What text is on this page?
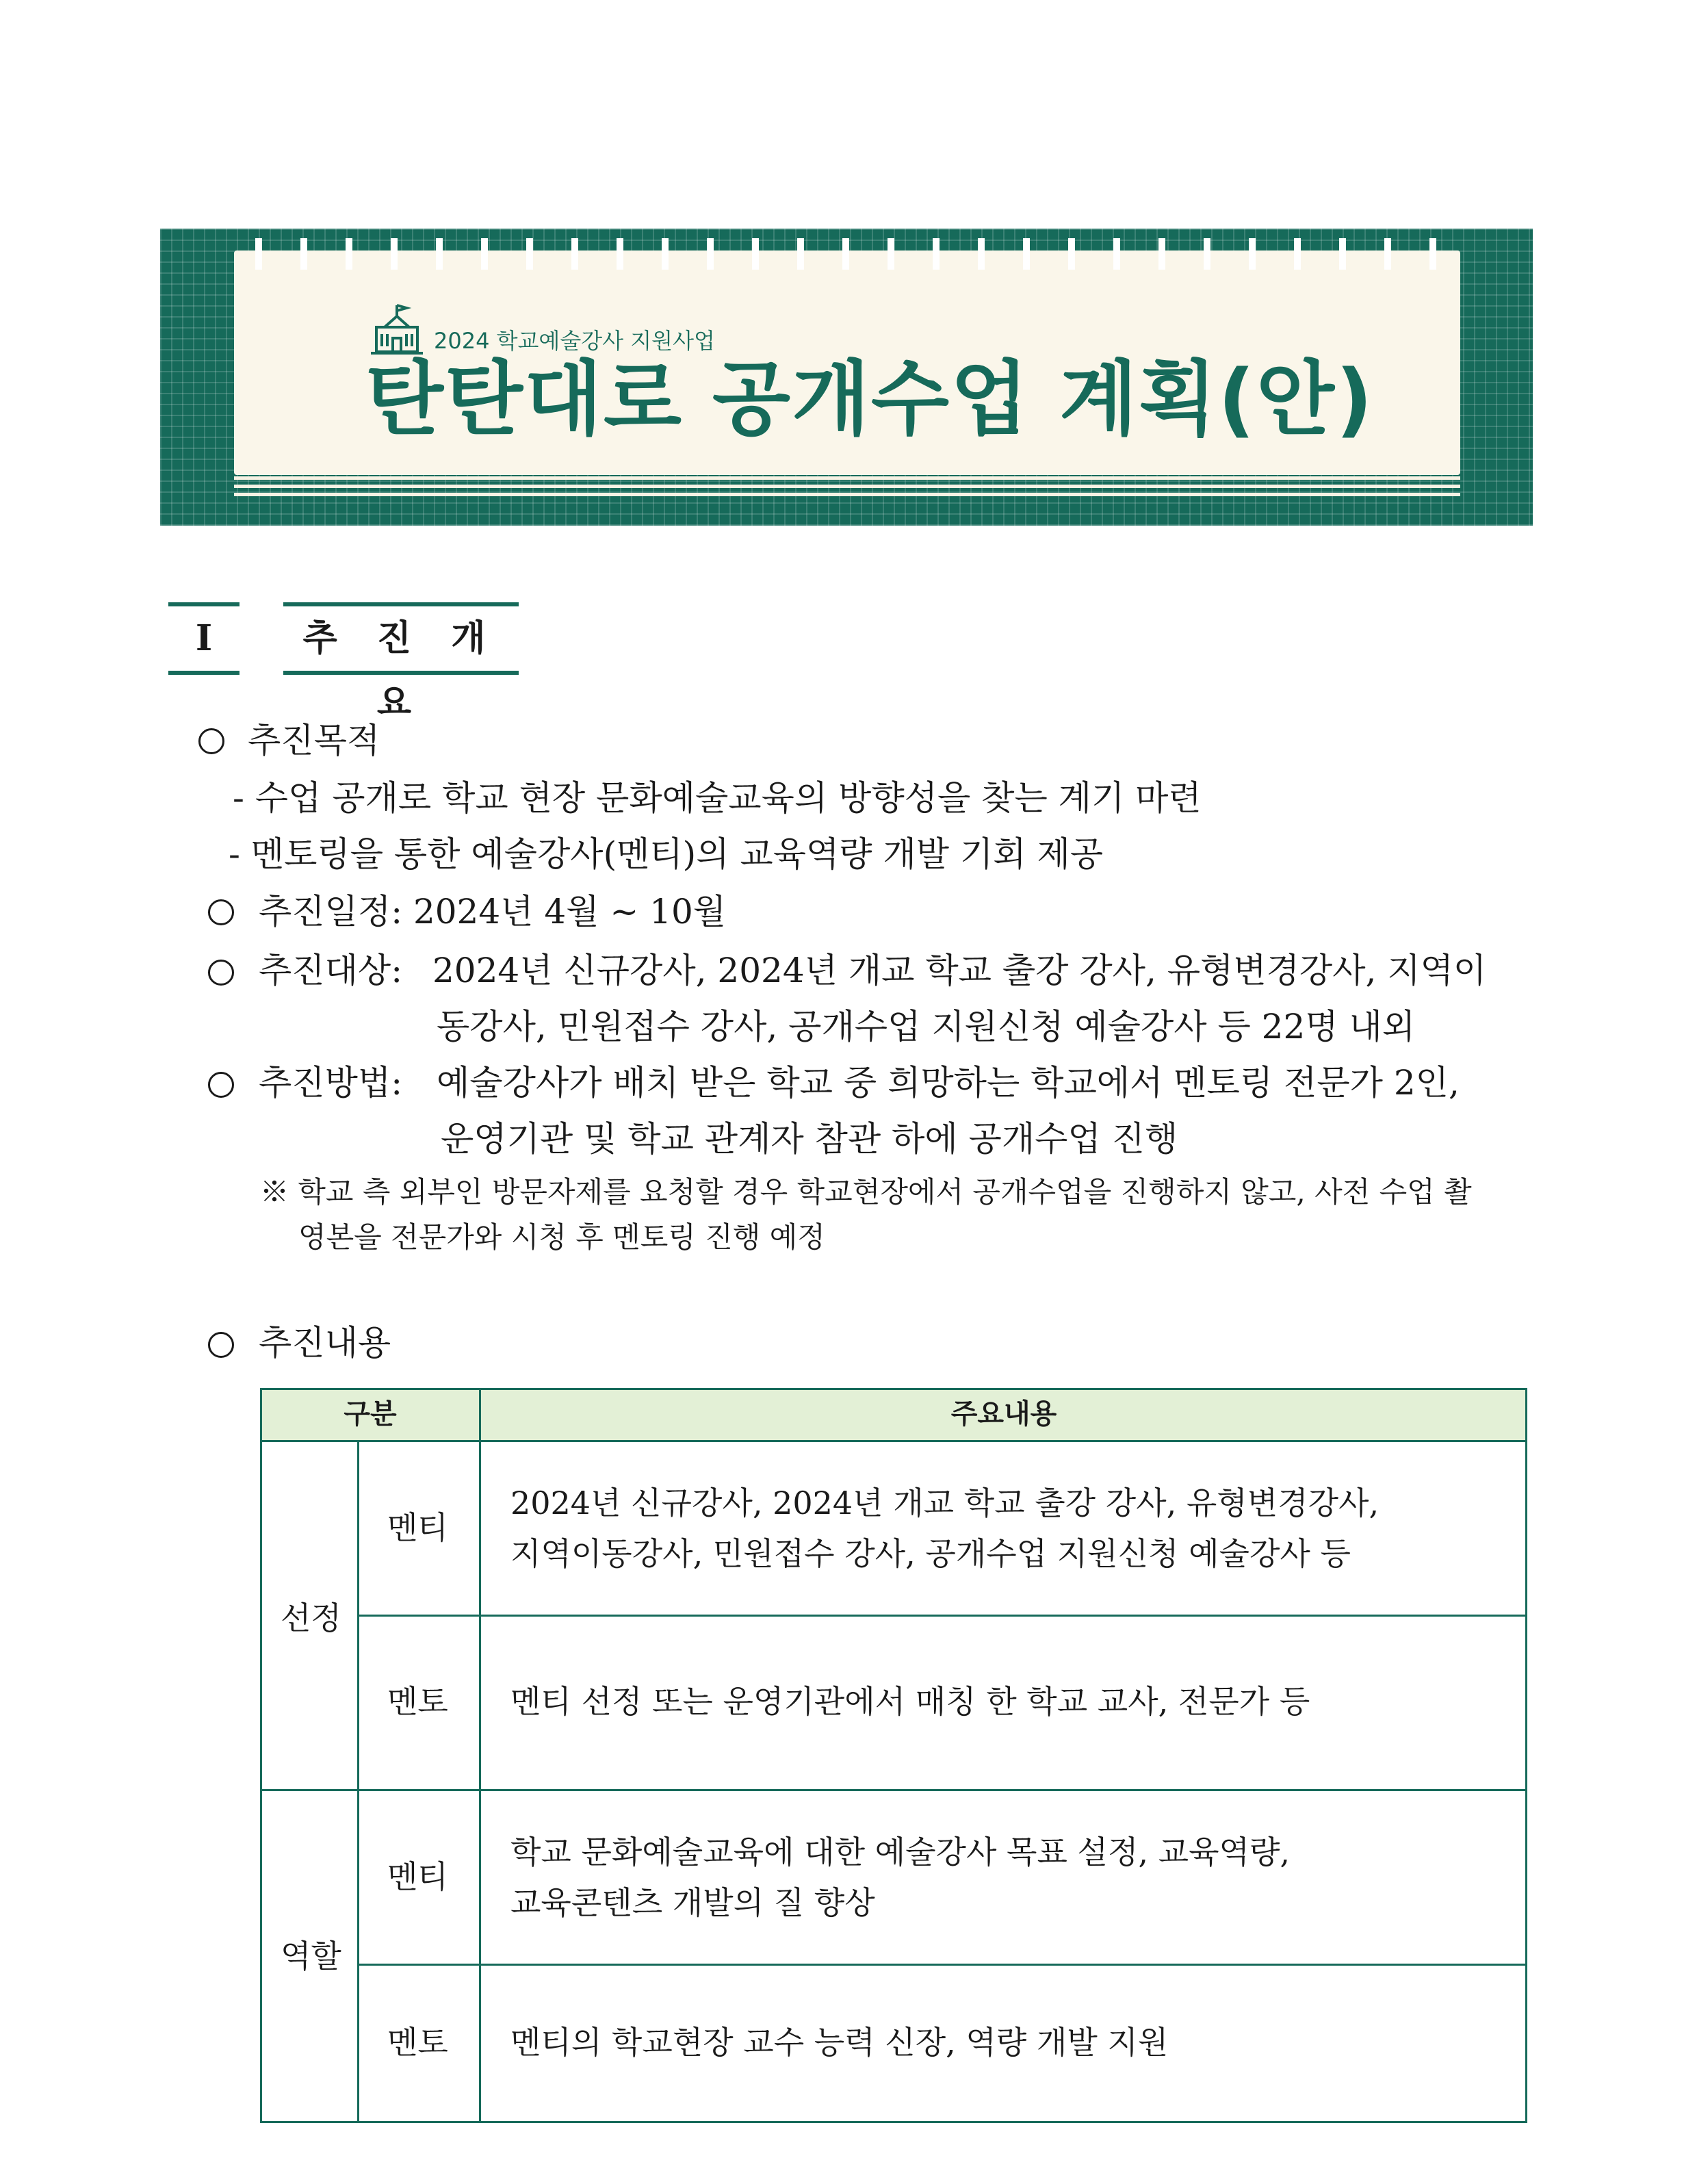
2024 학교예술강사 지원사업
탄탄대로 공개수업 계획(안)
Ⅰ	추 진 개 요
추진목적
- 수업 공개로 학교 현장 문화예술교육의 방향성을 찾는 계기 마련
- 멘토링을 통한 예술강사(멘티)의 교육역량 개발 기회 제공
추진일정: 2024년 4월 ~ 10월
추진대상: 2024년 신규강사, 2024년 개교 학교 출강 강사, 유형변경강사, 지역이
동강사, 민원접수 강사, 공개수업 지원신청 예술강사 등 22명 내외
추진방법: 예술강사가 배치 받은 학교 중 희망하는 학교에서 멘토링 전문가 2인,
운영기관 및 학교 관계자 참관 하에 공개수업 진행
※ 학교 측 외부인 방문자제를 요청할 경우 학교현장에서 공개수업을 진행하지 않고, 사전 수업 촬
영본을 전문가와 시청 후 멘토링 진행 예정
추진내용
구분	주요내용
선정
멘티
2024년 신규강사, 2024년 개교 학교 출강 강사, 유형변경강사,
지역이동강사, 민원접수 강사, 공개수업 지원신청 예술강사 등
멘토 멘티 선정 또는 운영기관에서 매칭 한 학교 교사, 전문가 등
역할
멘티
학교 문화예술교육에 대한 예술강사 목표 설정, 교육역량,
교육콘텐츠 개발의 질 향상
멘토 멘티의 학교현장 교수 능력 신장, 역량 개발 지원
